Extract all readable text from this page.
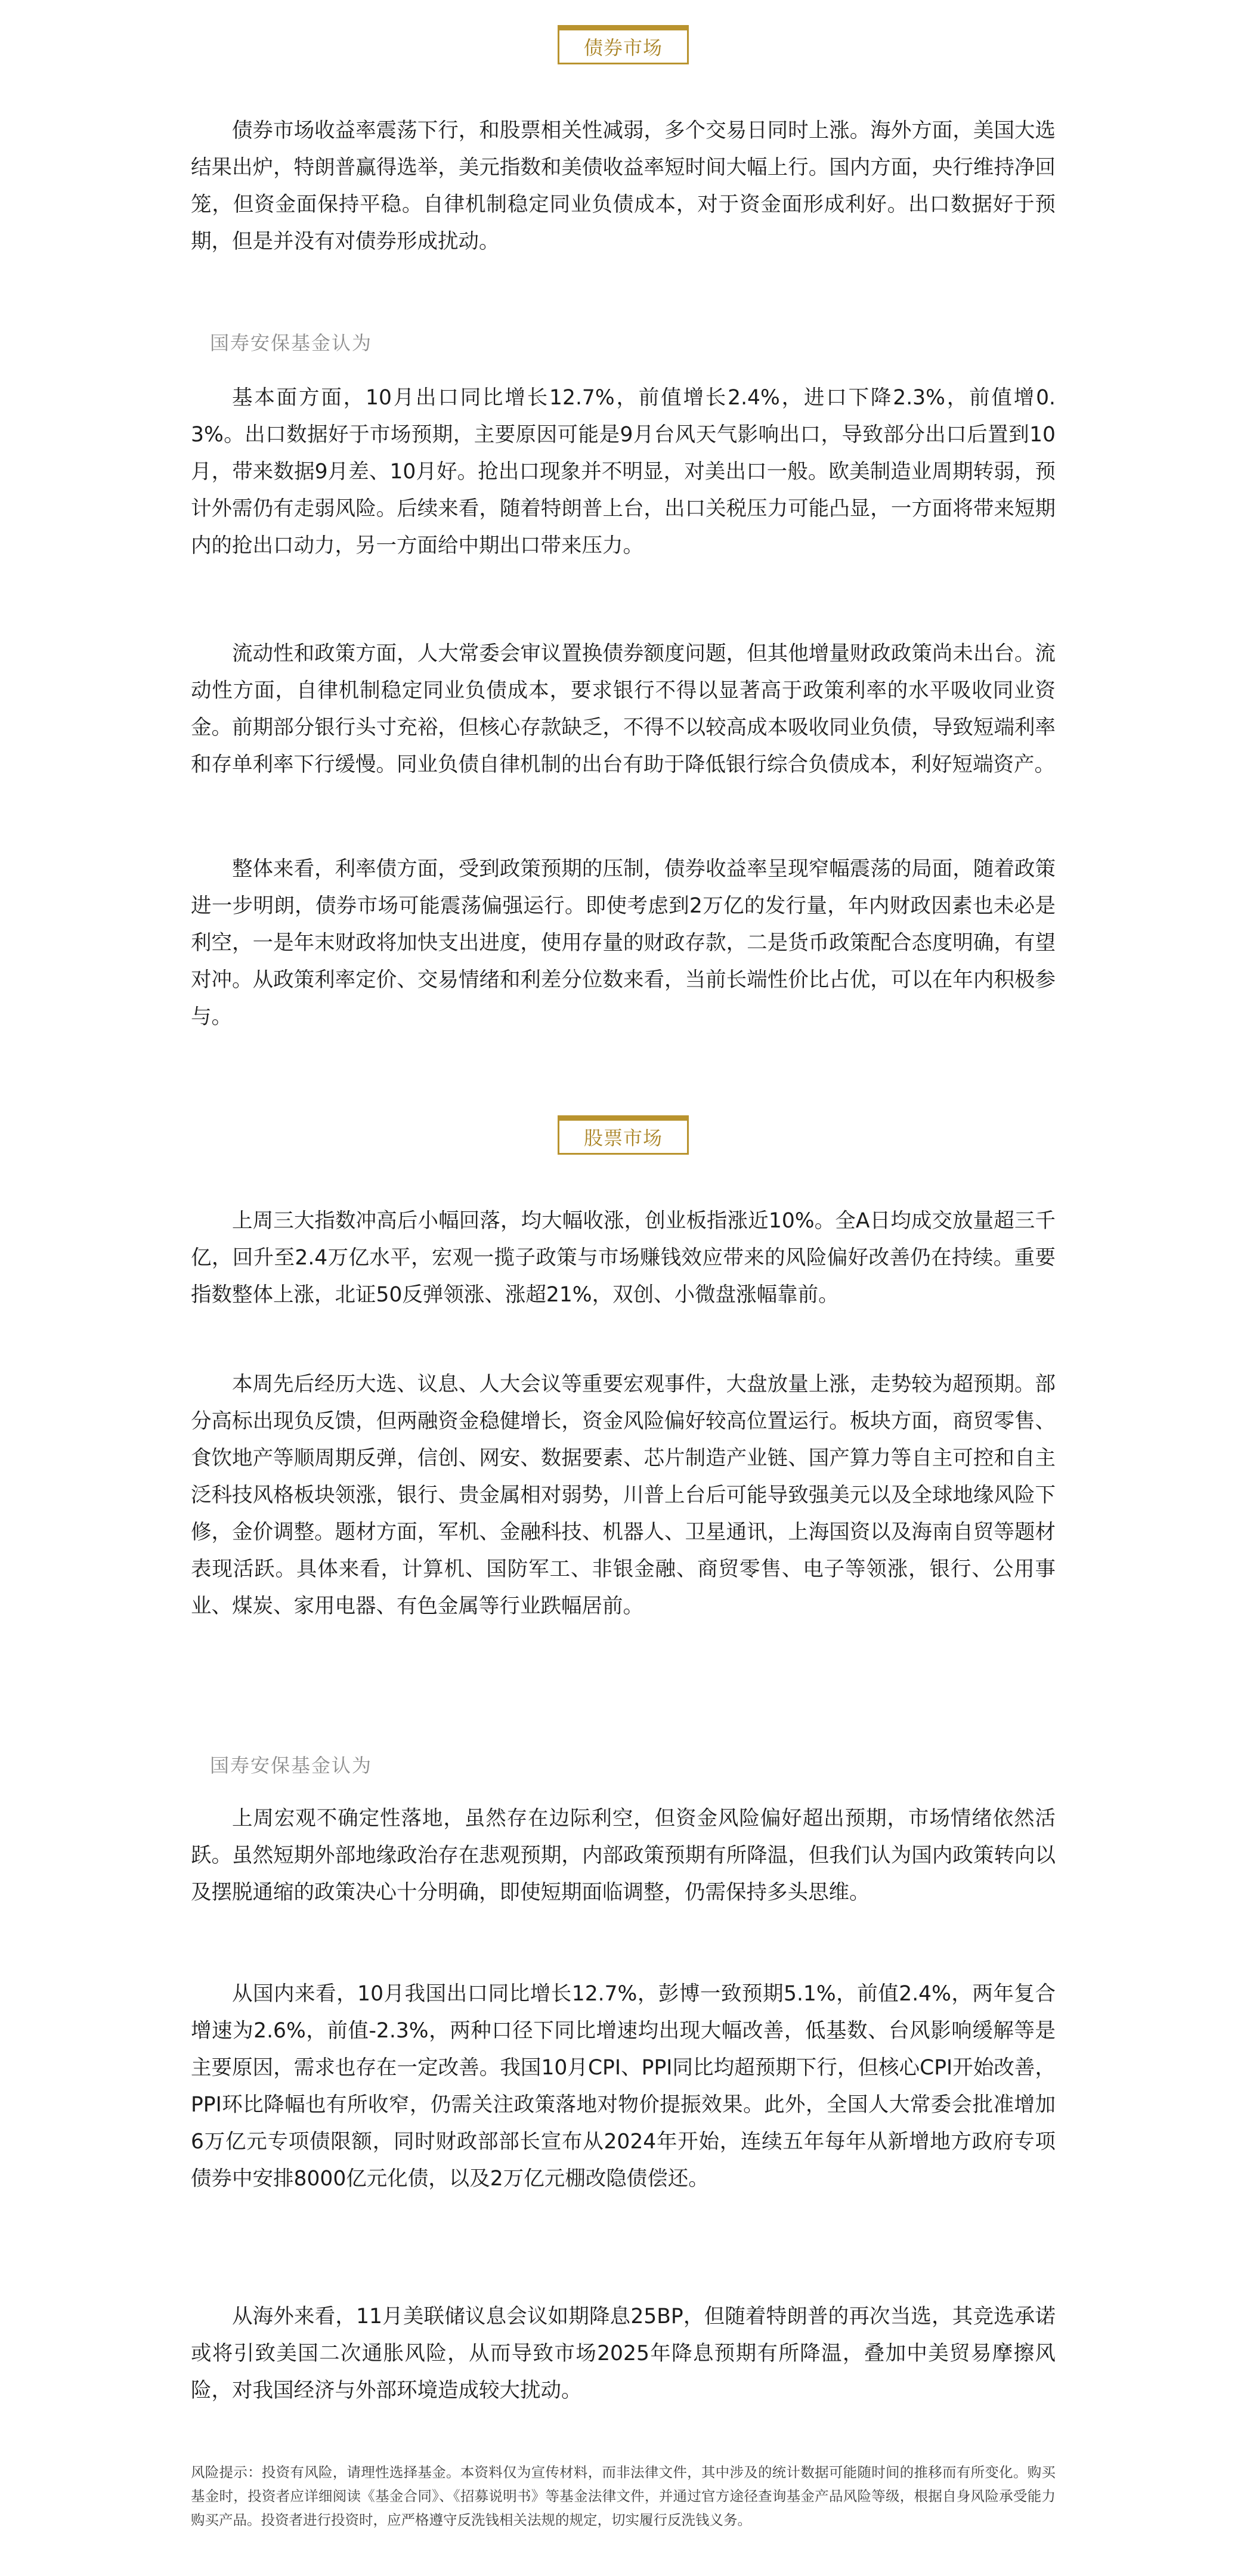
债券市场

债券市场收益率震荡下行，和股票相关性减弱，多个交易日同时上涨。海外方面，美国大选结果出炉，特朗普赢得选举，美元指数和美债收益率短时间大幅上行。国内方面，央行维持净回笼，但资金面保持平稳。自律机制稳定同业负债成本，对于资金面形成利好。出口数据好于预期，但是并没有对债券形成扰动。

国寿安保基金认为

基本面方面，10月出口同比增长12.7%，前值增长2.4%，进口下降2.3%，前值增0.3%。出口数据好于市场预期，主要原因可能是9月台风天气影响出口，导致部分出口后置到10月，带来数据9月差、10月好。抢出口现象并不明显，对美出口一般。欧美制造业周期转弱，预计外需仍有走弱风险。后续来看，随着特朗普上台，出口关税压力可能凸显，一方面将带来短期内的抢出口动力，另一方面给中期出口带来压力。

流动性和政策方面，人大常委会审议置换债券额度问题，但其他增量财政政策尚未出台。流动性方面，自律机制稳定同业负债成本，要求银行不得以显著高于政策利率的水平吸收同业资金。前期部分银行头寸充裕，但核心存款缺乏，不得不以较高成本吸收同业负债，导致短端利率和存单利率下行缓慢。同业负债自律机制的出台有助于降低银行综合负债成本，利好短端资产。

整体来看，利率债方面，受到政策预期的压制，债券收益率呈现窄幅震荡的局面，随着政策进一步明朗，债券市场可能震荡偏强运行。即使考虑到2万亿的发行量，年内财政因素也未必是利空，一是年末财政将加快支出进度，使用存量的财政存款，二是货币政策配合态度明确，有望对冲。从政策利率定价、交易情绪和利差分位数来看，当前长端性价比占优，可以在年内积极参与。

股票市场

上周三大指数冲高后小幅回落，均大幅收涨，创业板指涨近10%。全A日均成交放量超三千亿，回升至2.4万亿水平，宏观一揽子政策与市场赚钱效应带来的风险偏好改善仍在持续。重要指数整体上涨，北证50反弹领涨、涨超21%，双创、小微盘涨幅靠前。

本周先后经历大选、议息、人大会议等重要宏观事件，大盘放量上涨，走势较为超预期。部分高标出现负反馈，但两融资金稳健增长，资金风险偏好较高位置运行。板块方面，商贸零售、食饮地产等顺周期反弹，信创、网安、数据要素、芯片制造产业链、国产算力等自主可控和自主泛科技风格板块领涨，银行、贵金属相对弱势，川普上台后可能导致强美元以及全球地缘风险下修，金价调整。题材方面，军机、金融科技、机器人、卫星通讯，上海国资以及海南自贸等题材表现活跃。具体来看，计算机、国防军工、非银金融、商贸零售、电子等领涨，银行、公用事业、煤炭、家用电器、有色金属等行业跌幅居前。

国寿安保基金认为

上周宏观不确定性落地，虽然存在边际利空，但资金风险偏好超出预期，市场情绪依然活跃。虽然短期外部地缘政治存在悲观预期，内部政策预期有所降温，但我们认为国内政策转向以及摆脱通缩的政策决心十分明确，即使短期面临调整，仍需保持多头思维。

从国内来看，10月我国出口同比增长12.7%，彭博一致预期5.1%，前值2.4%，两年复合增速为2.6%，前值-2.3%，两种口径下同比增速均出现大幅改善，低基数、台风影响缓解等是主要原因，需求也存在一定改善。我国10月CPI、PPI同比均超预期下行，但核心CPI开始改善，PPI环比降幅也有所收窄，仍需关注政策落地对物价提振效果。此外，全国人大常委会批准增加6万亿元专项债限额，同时财政部部长宣布从2024年开始，连续五年每年从新增地方政府专项债券中安排8000亿元化债，以及2万亿元棚改隐债偿还。

从海外来看，11月美联储议息会议如期降息25BP，但随着特朗普的再次当选，其竞选承诺或将引致美国二次通胀风险，从而导致市场2025年降息预期有所降温，叠加中美贸易摩擦风险，对我国经济与外部环境造成较大扰动。

风险提示：投资有风险，请理性选择基金。本资料仅为宣传材料，而非法律文件，其中涉及的统计数据可能随时间的推移而有所变化。购买基金时，投资者应详细阅读《基金合同》、《招募说明书》等基金法律文件，并通过官方途径查询基金产品风险等级，根据自身风险承受能力购买产品。投资者进行投资时，应严格遵守反洗钱相关法规的规定，切实履行反洗钱义务。
